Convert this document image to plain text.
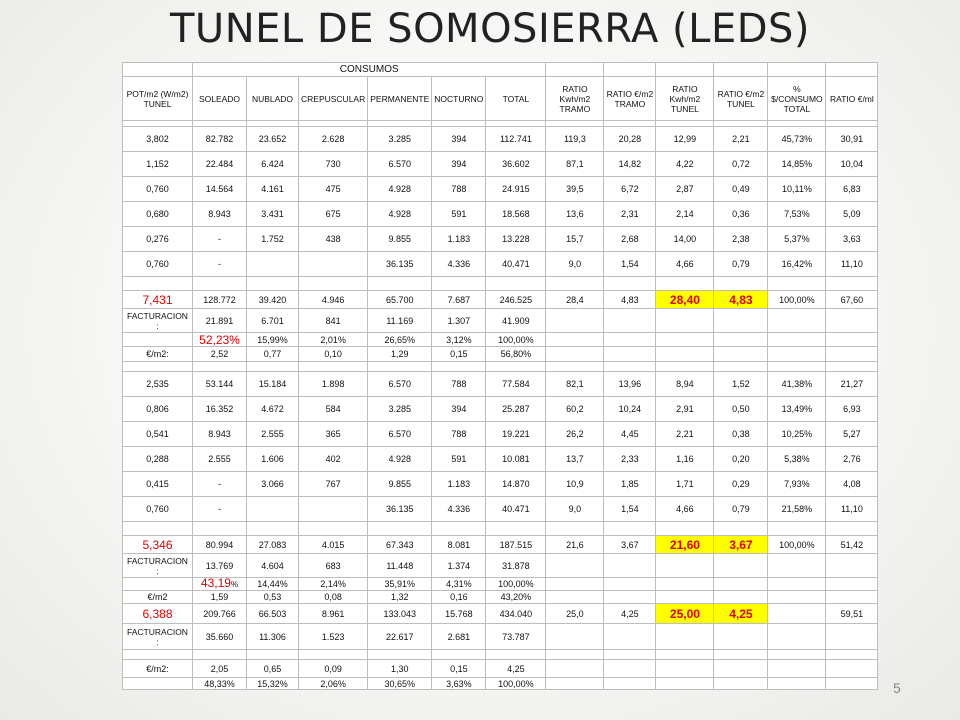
TUNEL DE SOMOSIERRA (LEDS)
	CONSUMOS											
POT/m2 (W/m2) TUNEL	SOLEADO	NUBLADO	CREPUSCULAR	PERMANENTE	NOCTURNO	TOTAL	RATIO Kwh/m2 TRAMO	RATIO €/m2 TRAMO	RATIO Kwh/m2 TUNEL	RATIO €/m2 TUNEL	% $/CONSUMO TOTAL	RATIO €/ml

3,802	82.782	23.652	2.628	3.285	394	112.741	119,3	20,28	12,99	2,21	45,73%	30,91
1,152	22.484	6.424	730	6.570	394	36.602	87,1	14,82	4,22	0,72	14,85%	10,04
0,760	14.564	4.161	475	4.928	788	24.915	39,5	6,72	2,87	0,49	10,11%	6,83
0,680	8.943	3.431	675	4.928	591	18.568	13,6	2,31	2,14	0,36	7,53%	5,09
0,276	-	1.752	438	9.855	1.183	13.228	15,7	2,68	14,00	2,38	5,37%	3,63
0,760	-			36.135	4.336	40.471	9,0	1,54	4,66	0,79	16,42%	11,10

7,431	128.772	39.420	4.946	65.700	7.687	246.525	28,4	4,83	28,40	4,83	100,00%	67,60
FACTURACION :	21.891	6.701	841	11.169	1.307	41.909						
	52,23%	15,99%	2,01%	26,65%	3,12%	100,00%						
€/m2:	2,52	0,77	0,10	1,29	0,15	56,80%						

2,535	53.144	15.184	1.898	6.570	788	77.584	82,1	13,96	8,94	1,52	41,38%	21,27
0,806	16.352	4.672	584	3.285	394	25.287	60,2	10,24	2,91	0,50	13,49%	6,93
0,541	8.943	2.555	365	6.570	788	19.221	26,2	4,45	2,21	0,38	10,25%	5,27
0,288	2.555	1.606	402	4.928	591	10.081	13,7	2,33	1,16	0,20	5,38%	2,76
0,415	-	3.066	767	9.855	1.183	14.870	10,9	1,85	1,71	0,29	7,93%	4,08
0,760	-			36.135	4.336	40.471	9,0	1,54	4,66	0,79	21,58%	11,10

5,346	80.994	27.083	4.015	67.343	8.081	187.515	21,6	3,67	21,60	3,67	100,00%	51,42
FACTURACION :	13.769	4.604	683	11.448	1.374	31.878						
	43,19%	14,44%	2,14%	35,91%	4,31%	100,00%						
€/m2	1,59	0,53	0,08	1,32	0,16	43,20%						
6,388	209.766	66.503	8.961	133.043	15.768	434.040	25,0	4,25	25,00	4,25		59,51
FACTURACION :	35.660	11.306	1.523	22.617	2.681	73.787						

€/m2:	2,05	0,65	0,09	1,30	0,15	4,25						
	48,33%	15,32%	2,06%	30,65%	3,63%	100,00%							5
